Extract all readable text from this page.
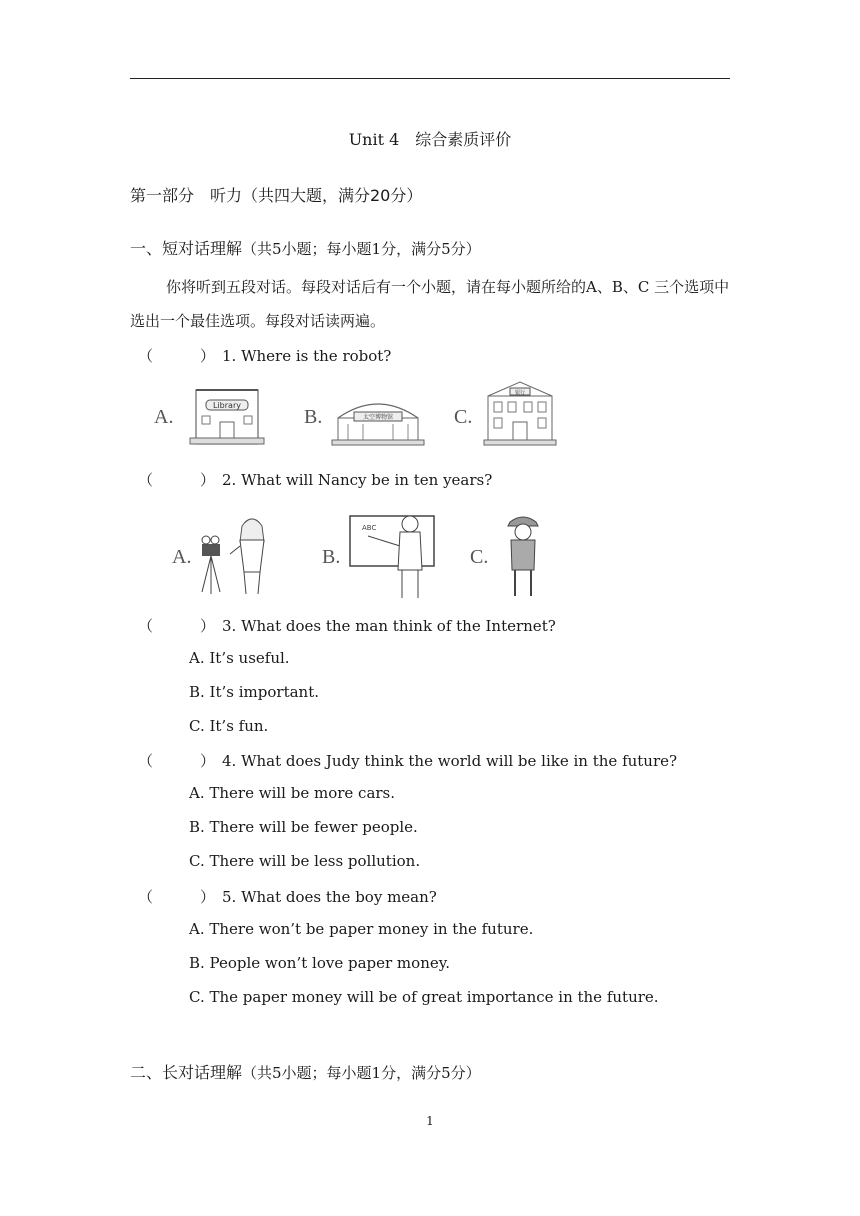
Unit 4　综合素质评价
第一部分　听力（共四大题，满分20分）
一、短对话理解（共5小题；每小题1分，满分5分）
你将听到五段对话。每段对话后有一个小题，请在每小题所给的A、B、C 三个选项中选出一个最佳选项。每段对话读两遍。
（	） 1. Where is the robot?
A.
Library
B.	太空博物馆	C.
银行
（	） 2. What will Nancy be in ten years?
A.	B.
ABC
C.
（	） 3. What does the man think of the Internet?
A. It’s useful.
B. It’s important.
C. It’s fun.
（	） 4. What does Judy think the world will be like in the future?
A. There will be more cars.
B. There will be fewer people.
C. There will be less pollution.
（	） 5. What does the boy mean?
A. There won’t be paper money in the future.
B. People won’t love paper money.
C. The paper money will be of great importance in the future.
二、长对话理解（共5小题；每小题1分，满分5分）
1
